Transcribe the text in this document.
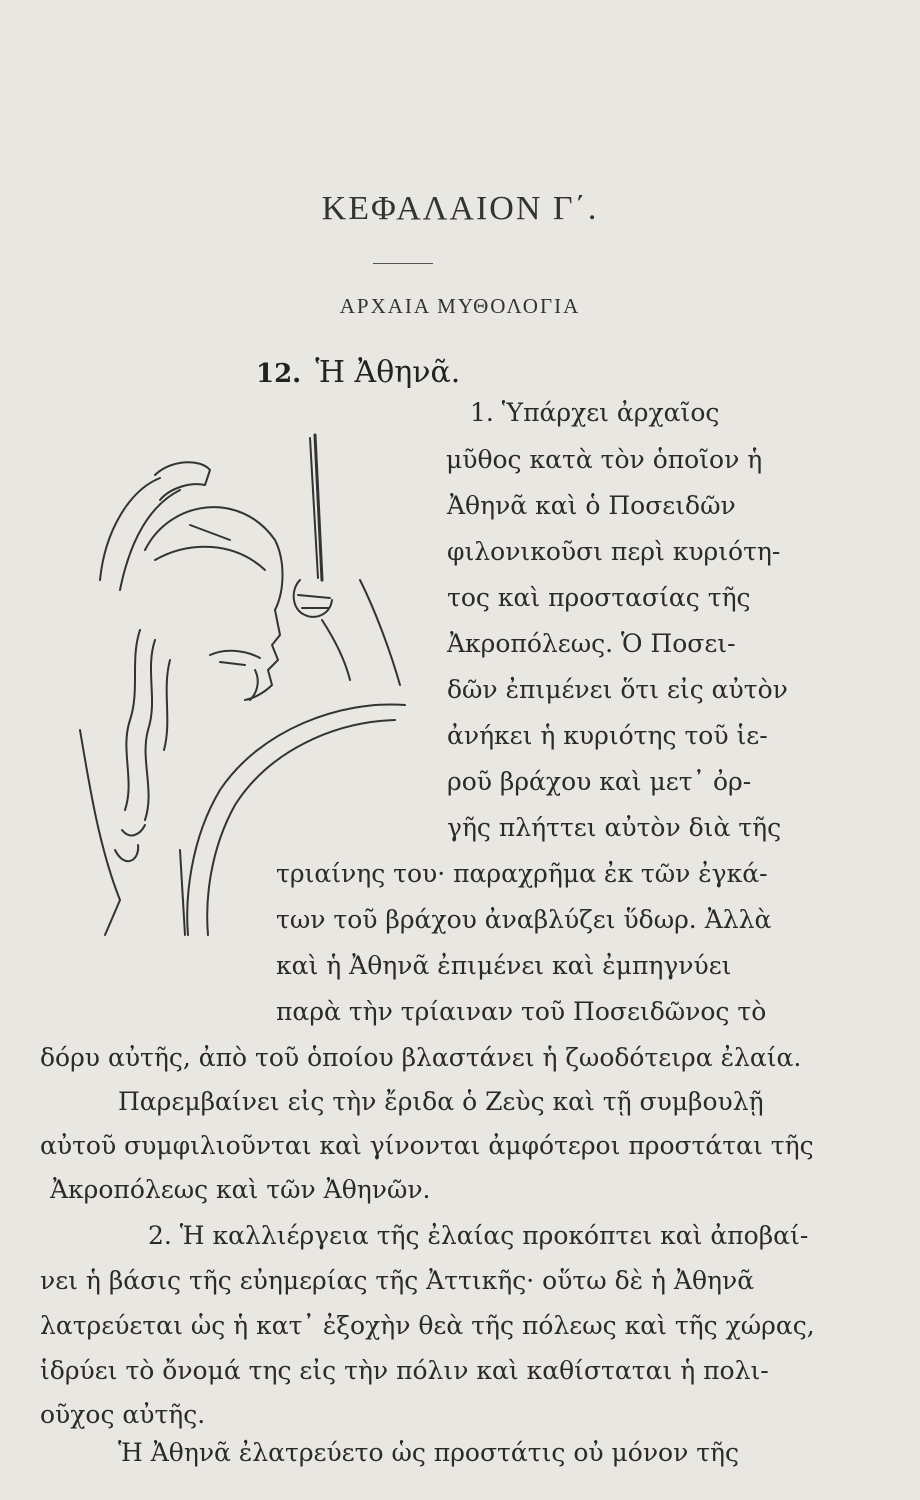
ΚΕΦΑΛΑΙΟΝ Γ΄.
ΑΡΧΑΙΑ ΜΥΘΟΛΟΓΙΑ
12. Ἡ Ἀθηνᾶ.
1. Ὑπάρχει ἀρχαῖος
μῦθος κατὰ τὸν ὁποῖον ἡ
Ἀθηνᾶ καὶ ὁ Ποσειδῶν
φιλονικοῦσι περὶ κυριότη-
τος καὶ προστασίας τῆς
Ἀκροπόλεως. Ὁ Ποσει-
δῶν ἐπιμένει ὅτι εἰς αὐτὸν
ἀνήκει ἡ κυριότης τοῦ ἱε-
ροῦ βράχου καὶ μετ᾽ ὀρ-
γῆς πλήττει αὐτὸν διὰ τῆς
τριαίνης του· παραχρῆμα ἐκ τῶν ἐγκά-
των τοῦ βράχου ἀναβλύζει ὕδωρ. Ἀλλὰ
καὶ ἡ Ἀθηνᾶ ἐπιμένει καὶ ἐμπηγνύει
παρὰ τὴν τρίαιναν τοῦ Ποσειδῶνος τὸ
δόρυ αὐτῆς, ἀπὸ τοῦ ὁποίου βλαστάνει ἡ ζωοδότειρα ἐλαία.
Παρεμβαίνει εἰς τὴν ἔριδα ὁ Ζεὺς καὶ τῇ συμβουλῇ
αὐτοῦ συμφιλιοῦνται καὶ γίνονται ἀμφότεροι προστάται τῆς
Ἀκροπόλεως καὶ τῶν Ἀθηνῶν.
2. Ἡ καλλιέργεια τῆς ἐλαίας προκόπτει καὶ ἀποβαί-
νει ἡ βάσις τῆς εὐημερίας τῆς Ἀττικῆς· οὕτω δὲ ἡ Ἀθηνᾶ
λατρεύεται ὡς ἡ κατ᾽ ἐξοχὴν θεὰ τῆς πόλεως καὶ τῆς χώρας,
ἱδρύει τὸ ὄνομά της εἰς τὴν πόλιν καὶ καθίσταται ἡ πολι-
οῦχος αὐτῆς.
Ἡ Ἀθηνᾶ ἐλατρεύετο ὡς προστάτις οὐ μόνον τῆς
